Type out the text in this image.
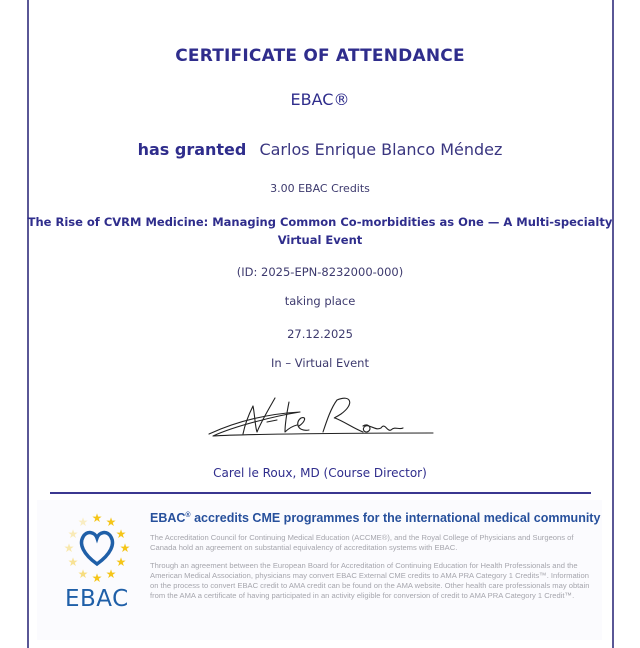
CERTIFICATE OF ATTENDANCE
EBAC®
has granted Carlos Enrique Blanco Méndez
3.00 EBAC Credits
The Rise of CVRM Medicine: Managing Common Co-morbidities as One — A Multi-specialty
Virtual Event
(ID: 2025-EPN-8232000-000)
taking place
27.12.2025
In – Virtual Event
Carel le Roux, MD (Course Director)
★ ★
★
★
★
★
★
★
★
★
★
★
EBAC
EBAC® accredits CME programmes for the international medical community
The Accreditation Council for Continuing Medical Education (ACCME®), and the Royal College of Physicians and Surgeons of Canada hold an agreement on substantial equivalency of accreditation systems with EBAC.
Through an agreement between the European Board for Accreditation of Continuing Education for Health Professionals and the American Medical Association, physicians may convert EBAC External CME credits to AMA PRA Category 1 Credits™. Information on the process to convert EBAC credit to AMA credit can be found on the AMA website. Other health care professionals may obtain from the AMA a certificate of having participated in an activity eligible for conversion of credit to AMA PRA Category 1 Credit™.
